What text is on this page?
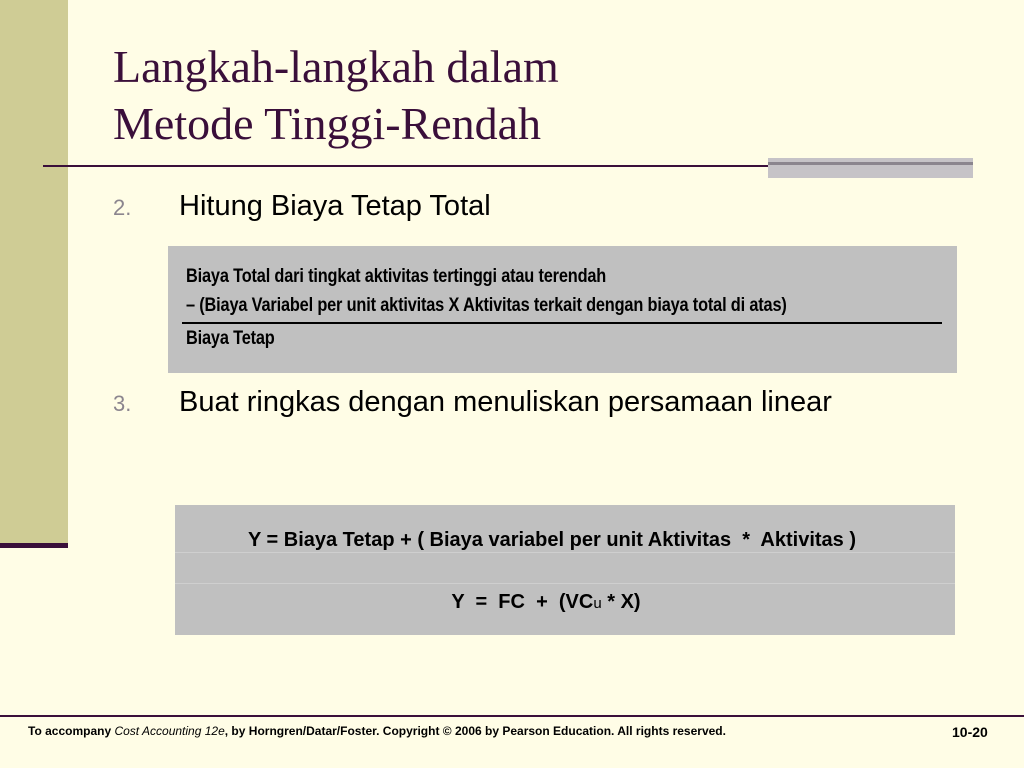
Langkah-langkah dalam
Metode Tinggi-Rendah
2.	Hitung Biaya Tetap Total
Biaya Total dari tingkat aktivitas tertinggi atau terendah
– (Biaya Variabel per unit aktivitas X Aktivitas terkait dengan biaya total di atas)
Biaya Tetap
3.	Buat ringkas dengan menuliskan persamaan linear
Y = Biaya Tetap + ( Biaya variabel per unit Aktivitas  *  Aktivitas )
Y  =  FC  +  (VCu * X)
To accompany Cost Accounting 12e, by Horngren/Datar/Foster. Copyright © 2006 by Pearson Education. All rights reserved.	10-20
